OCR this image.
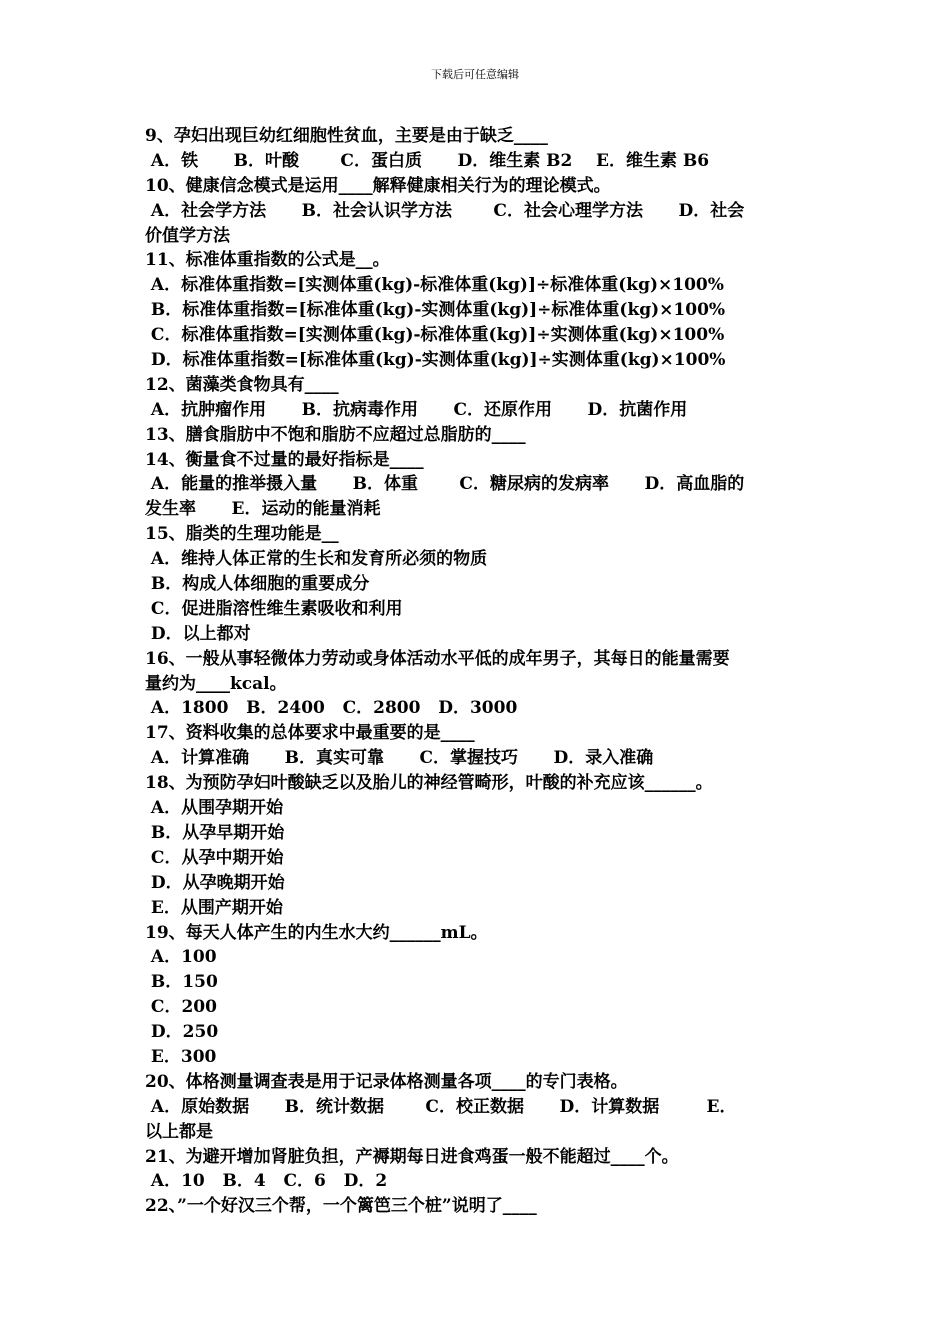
下载后可任意编辑
9、孕妇出现巨幼红细胞性贫血，主要是由于缺乏____
A．铁      B．叶酸       C．蛋白质      D．维生素 B2    E．维生素 B6
10、健康信念模式是运用____解释健康相关行为的理论模式。
A．社会学方法      B．社会认识学方法       C．社会心理学方法      D．社会
价值学方法
11、标准体重指数的公式是__。
A．标准体重指数=[实测体重(kg)-标准体重(kg)]÷标准体重(kg)×100%
B．标准体重指数=[标准体重(kg)-实测体重(kg)]÷标准体重(kg)×100%
C．标准体重指数=[实测体重(kg)-标准体重(kg)]÷实测体重(kg)×100%
D．标准体重指数=[标准体重(kg)-实测体重(kg)]÷实测体重(kg)×100%
12、菌藻类食物具有____
A．抗肿瘤作用      B．抗病毒作用      C．还原作用      D．抗菌作用
13、膳食脂肪中不饱和脂肪不应超过总脂肪的____
14、衡量食不过量的最好指标是____
A．能量的推举摄入量      B．体重       C．糖尿病的发病率      D．高血脂的
发生率      E．运动的能量消耗
15、脂类的生理功能是__
A．维持人体正常的生长和发育所必须的物质
B．构成人体细胞的重要成分
C．促进脂溶性维生素吸收和利用
D．以上都对
16、一般从事轻微体力劳动或身体活动水平低的成年男子，其每日的能量需要
量约为____kcal。
A．1800   B．2400   C．2800   D．3000
17、资料收集的总体要求中最重要的是____
A．计算准确      B．真实可靠      C．掌握技巧      D．录入准确
18、为预防孕妇叶酸缺乏以及胎儿的神经管畸形，叶酸的补充应该______。
A．从围孕期开始
B．从孕早期开始
C．从孕中期开始
D．从孕晚期开始
E．从围产期开始
19、每天人体产生的内生水大约______mL。
A．100
B．150
C．200
D．250
E．300
20、体格测量调查表是用于记录体格测量各项____的专门表格。
A．原始数据      B．统计数据       C．校正数据      D．计算数据        E．
以上都是
21、为避开增加肾脏负担，产褥期每日进食鸡蛋一般不能超过____个。
A．10   B．4   C．6   D．2
22、”一个好汉三个帮，一个篱笆三个桩”说明了____
